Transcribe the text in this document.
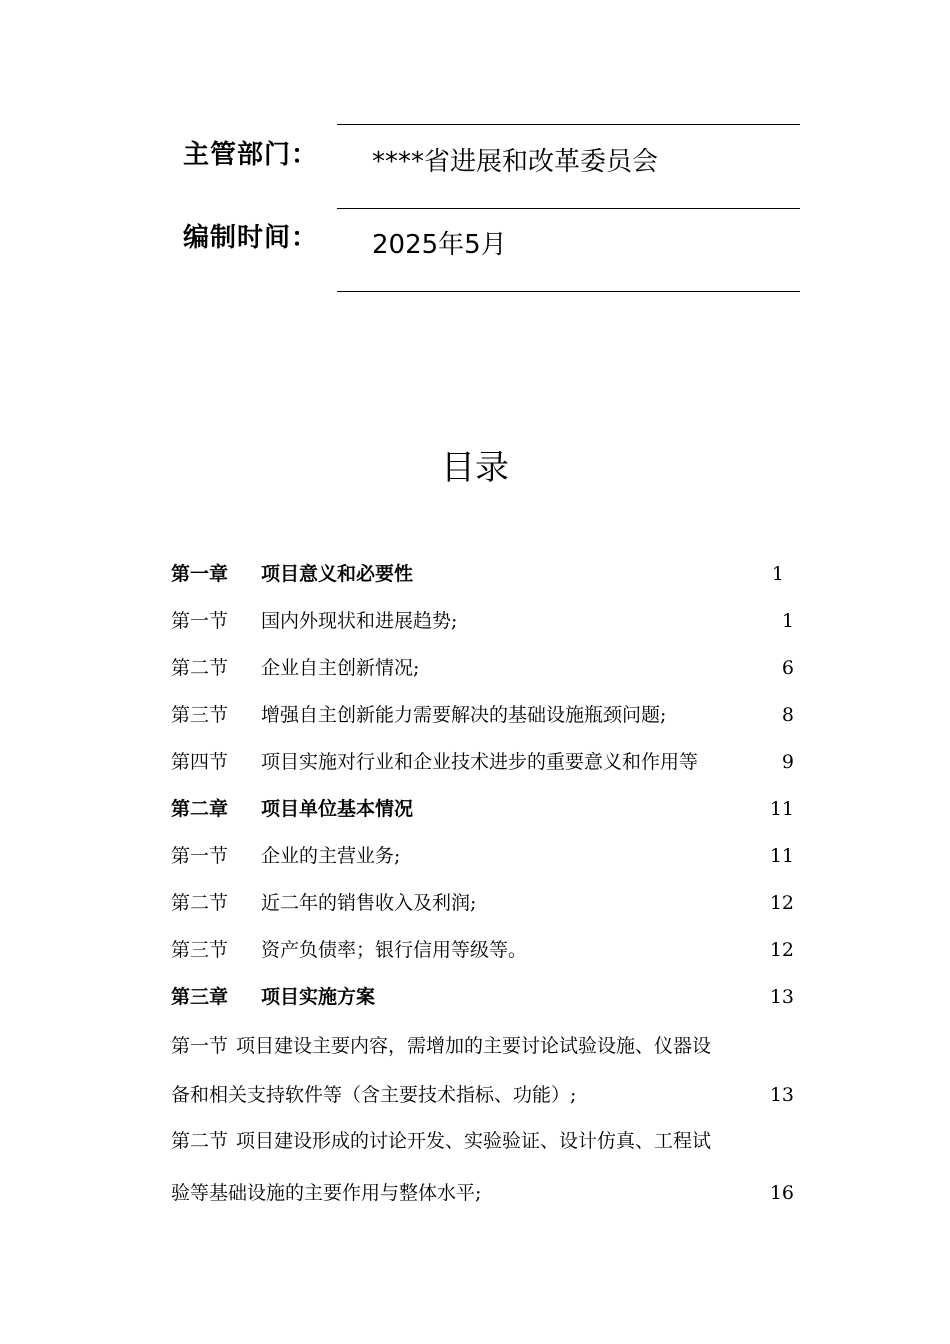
主管部门： ****省进展和改革委员会
编制时间： 2025年5月
目录
第一章 项目意义和必要性	1
第一节 国内外现状和进展趋势;	1
第二节 企业自主创新情况;	6
第三节 增强自主创新能力需要解决的基础设施瓶颈问题;	8
第四节 项目实施对行业和企业技术进步的重要意义和作用等	9
第二章 项目单位基本情况	11
第一节 企业的主营业务;	11
第二节 近二年的销售收入及利润;	12
第三节 资产负债率；银行信用等级等。	12
第三章 项目实施方案	13
第一节 项目建设主要内容，需增加的主要讨论试验设施、仪器设
备和相关支持软件等（含主要技术指标、功能）;	13
第二节 项目建设形成的讨论开发、实验验证、设计仿真、工程试
验等基础设施的主要作用与整体水平;	16
